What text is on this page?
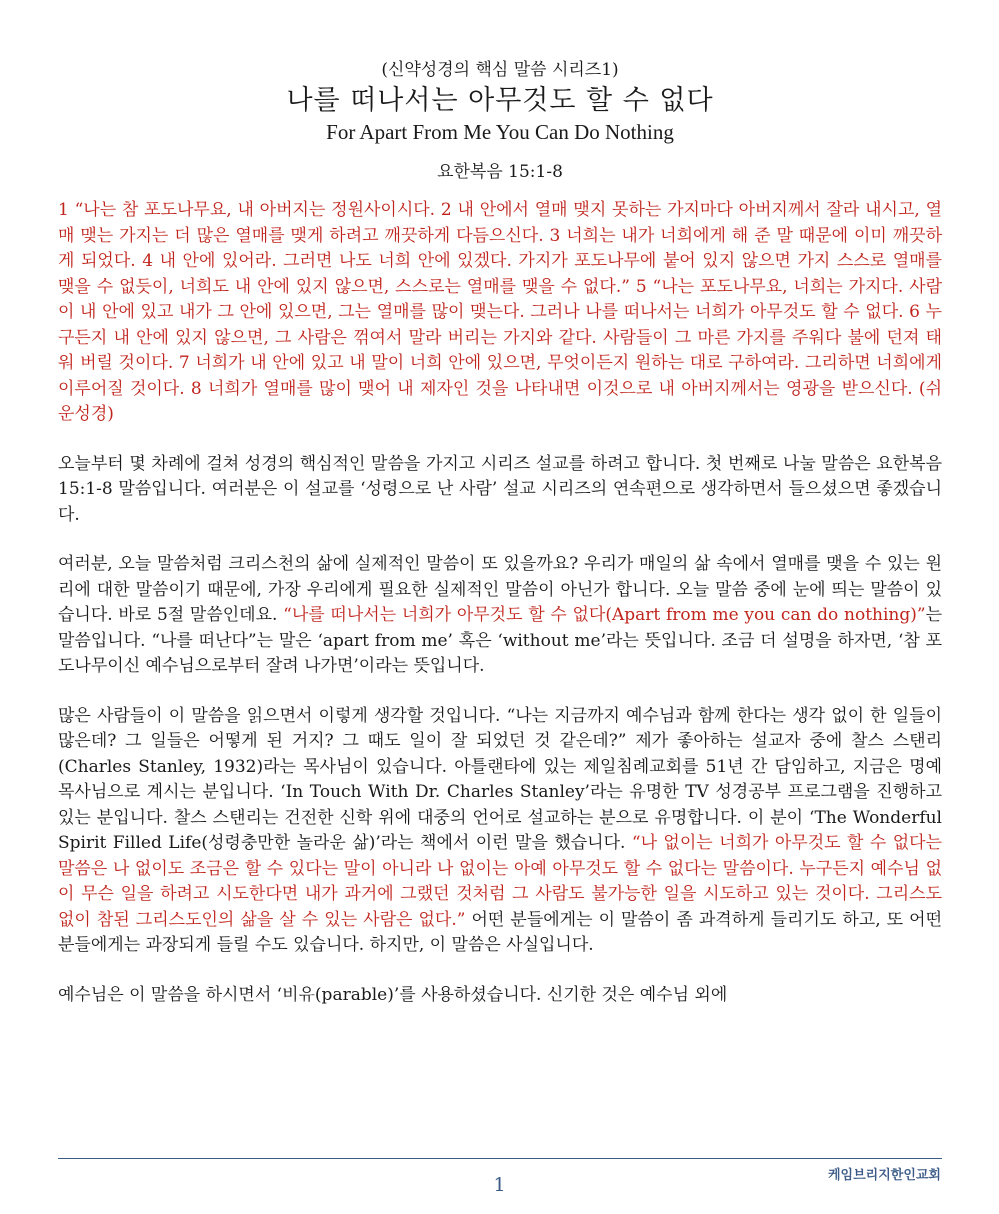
(신약성경의 핵심 말씀 시리즈1)

나를 떠나서는 아무것도 할 수 없다

For Apart From Me You Can Do Nothing

요한복음 15:1-8

1 “나는 참 포도나무요, 내 아버지는 정원사이시다. 2 내 안에서 열매 맺지 못하는 가지마다 아버지께서 잘라 내시고, 열매 맺는 가지는 더 많은 열매를 맺게 하려고 깨끗하게 다듬으신다. 3 너희는 내가 너희에게 해 준 말 때문에 이미 깨끗하게 되었다. 4 내 안에 있어라. 그러면 나도 너희 안에 있겠다. 가지가 포도나무에 붙어 있지 않으면 가지 스스로 열매를 맺을 수 없듯이, 너희도 내 안에 있지 않으면, 스스로는 열매를 맺을 수 없다.” 5 “나는 포도나무요, 너희는 가지다. 사람이 내 안에 있고 내가 그 안에 있으면, 그는 열매를 많이 맺는다. 그러나 나를 떠나서는 너희가 아무것도 할 수 없다. 6 누구든지 내 안에 있지 않으면, 그 사람은 꺾여서 말라 버리는 가지와 같다. 사람들이 그 마른 가지를 주워다 불에 던져 태워 버릴 것이다. 7 너희가 내 안에 있고 내 말이 너희 안에 있으면, 무엇이든지 원하는 대로 구하여라. 그리하면 너희에게 이루어질 것이다. 8 너희가 열매를 많이 맺어 내 제자인 것을 나타내면 이것으로 내 아버지께서는 영광을 받으신다. (쉬운성경)

오늘부터 몇 차례에 걸쳐 성경의 핵심적인 말씀을 가지고 시리즈 설교를 하려고 합니다. 첫 번째로 나눌 말씀은 요한복음 15:1-8 말씀입니다. 여러분은 이 설교를 ‘성령으로 난 사람’ 설교 시리즈의 연속편으로 생각하면서 들으셨으면 좋겠습니다.

여러분, 오늘 말씀처럼 크리스천의 삶에 실제적인 말씀이 또 있을까요? 우리가 매일의 삶 속에서 열매를 맺을 수 있는 원리에 대한 말씀이기 때문에, 가장 우리에게 필요한 실제적인 말씀이 아닌가 합니다. 오늘 말씀 중에 눈에 띄는 말씀이 있습니다. 바로 5절 말씀인데요. “나를 떠나서는 너희가 아무것도 할 수 없다(Apart from me you can do nothing)”는 말씀입니다. “나를 떠난다”는 말은 ‘apart from me’ 혹은 ‘without me’라는 뜻입니다. 조금 더 설명을 하자면, ‘참 포도나무이신 예수님으로부터 잘려 나가면’이라는 뜻입니다.

많은 사람들이 이 말씀을 읽으면서 이렇게 생각할 것입니다. “나는 지금까지 예수님과 함께 한다는 생각 없이 한 일들이 많은데? 그 일들은 어떻게 된 거지? 그 때도 일이 잘 되었던 것 같은데?” 제가 좋아하는 설교자 중에 찰스 스탠리(Charles Stanley, 1932)라는 목사님이 있습니다. 아틀랜타에 있는 제일침례교회를 51년 간 담임하고, 지금은 명예 목사님으로 계시는 분입니다. ‘In Touch With Dr. Charles Stanley’라는 유명한 TV 성경공부 프로그램을 진행하고 있는 분입니다. 찰스 스탠리는 건전한 신학 위에 대중의 언어로 설교하는 분으로 유명합니다. 이 분이 ‘The Wonderful Spirit Filled Life(성령충만한 놀라운 삶)’라는 책에서 이런 말을 했습니다. “나 없이는 너희가 아무것도 할 수 없다는 말씀은 나 없이도 조금은 할 수 있다는 말이 아니라 나 없이는 아예 아무것도 할 수 없다는 말씀이다. 누구든지 예수님 없이 무슨 일을 하려고 시도한다면 내가 과거에 그랬던 것처럼 그 사람도 불가능한 일을 시도하고 있는 것이다. 그리스도 없이 참된 그리스도인의 삶을 살 수 있는 사람은 없다.” 어떤 분들에게는 이 말씀이 좀 과격하게 들리기도 하고, 또 어떤 분들에게는 과장되게 들릴 수도 있습니다. 하지만, 이 말씀은 사실입니다.

예수님은 이 말씀을 하시면서 ‘비유(parable)’를 사용하셨습니다. 신기한 것은 예수님 외에

케임브리지한인교회
1
